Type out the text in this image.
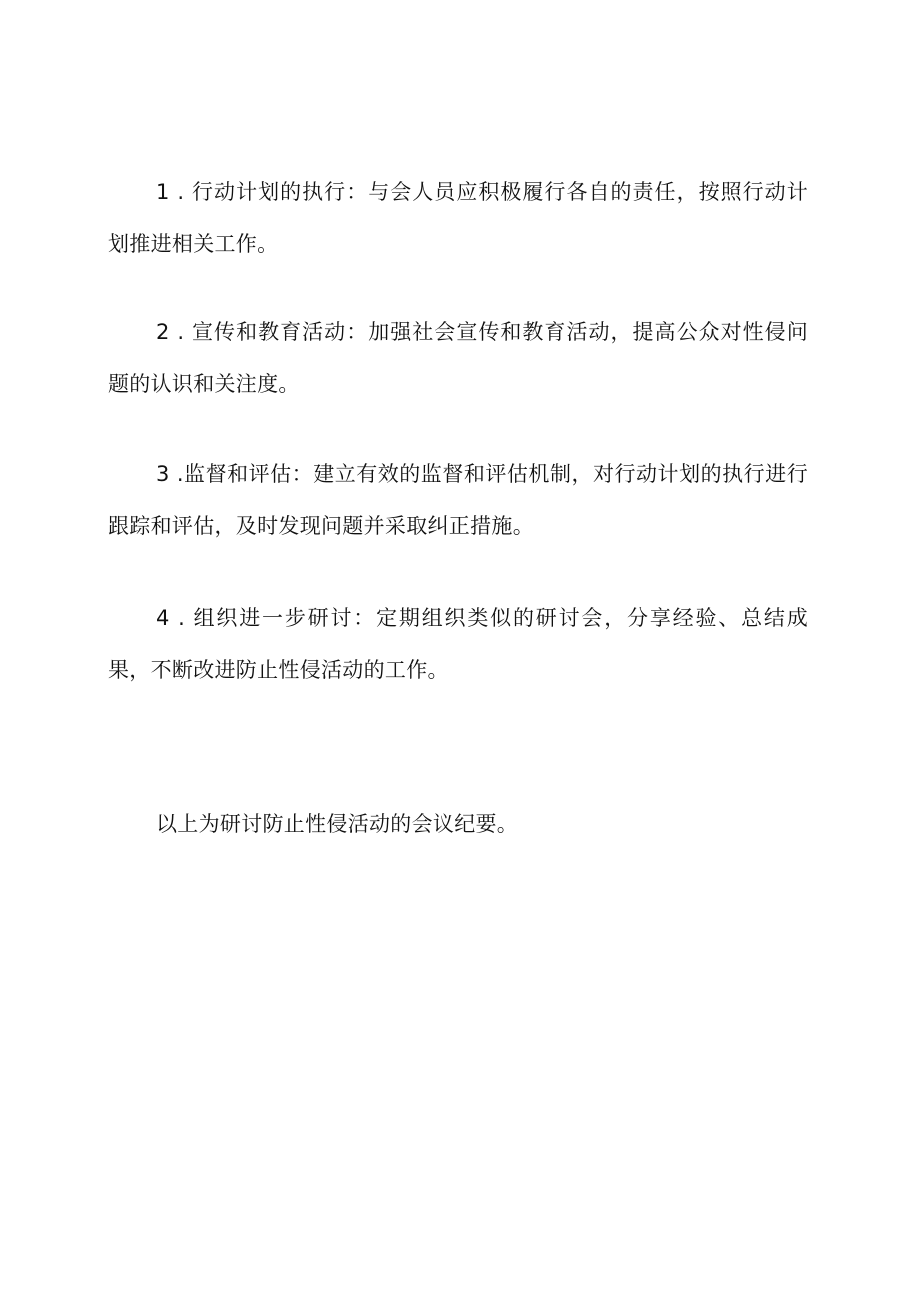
1 . 行动计划的执行：与会人员应积极履行各自的责任，按照行动计划推进相关工作。

2 . 宣传和教育活动：加强社会宣传和教育活动，提高公众对性侵问题的认识和关注度。

3 .监督和评估：建立有效的监督和评估机制，对行动计划的执行进行跟踪和评估，及时发现问题并采取纠正措施。

4 . 组织进一步研讨：定期组织类似的研讨会，分享经验、总结成果，不断改进防止性侵活动的工作。

以上为研讨防止性侵活动的会议纪要。
